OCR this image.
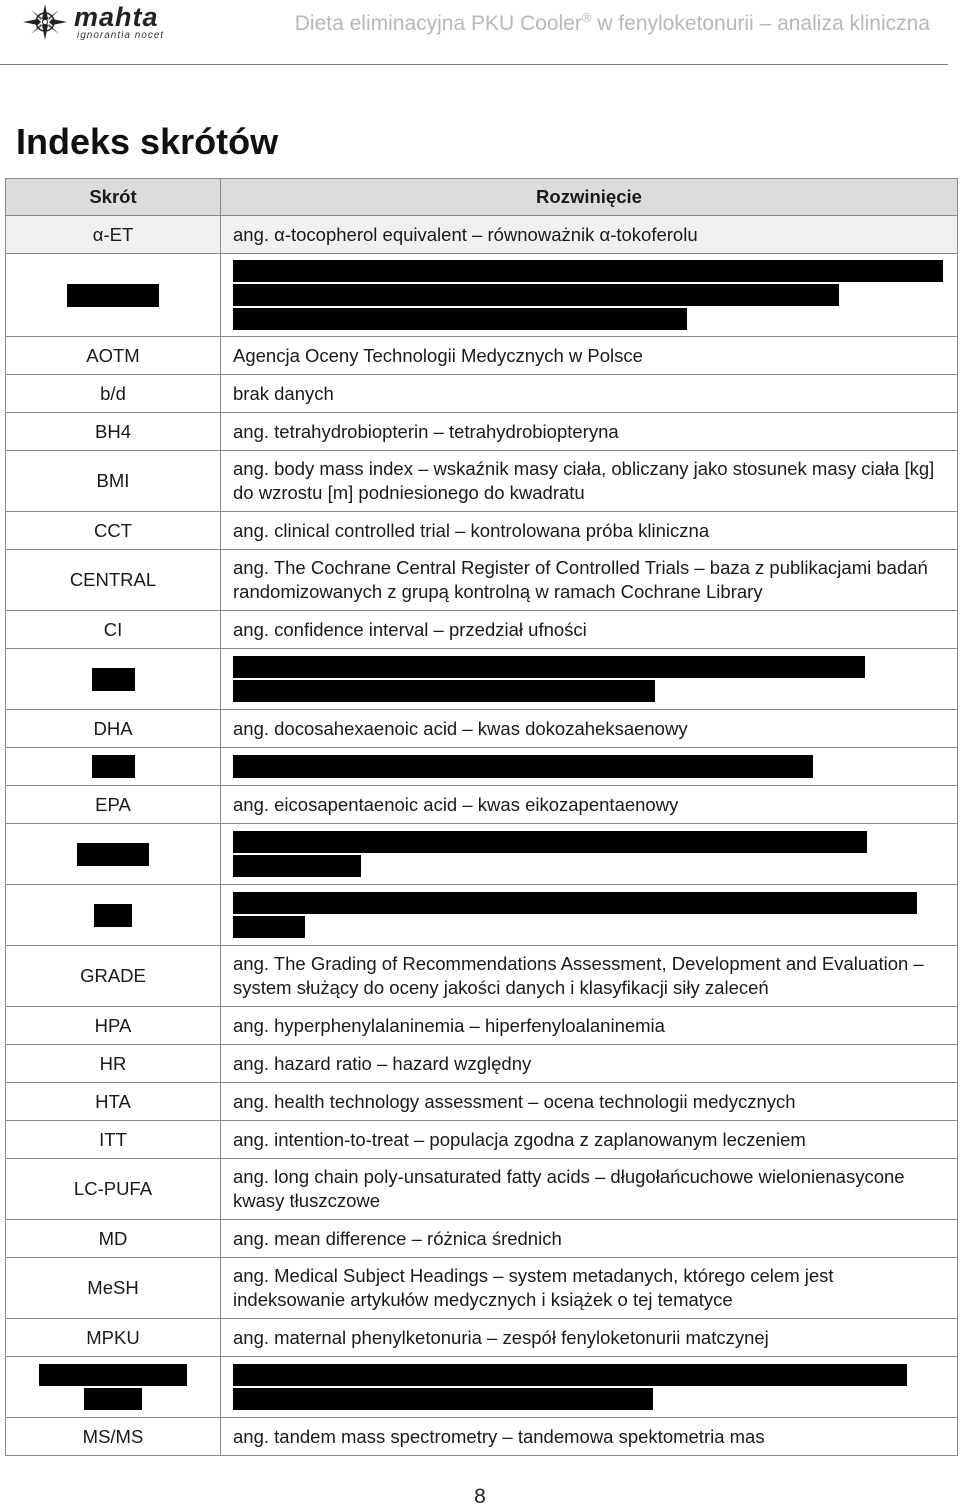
mahta
ignorantia nocet	Dieta eliminacyjna PKU Cooler® w fenyloketonurii – analiza kliniczna
Indeks skrótów
Skrót	Rozwinięcie
α-ET	ang. α-tocopherol equivalent – równoważnik α-tokoferolu

AOTM	Agencja Oceny Technologii Medycznych w Polsce
b/d	brak danych
BH4	ang. tetrahydrobiopterin – tetrahydrobiopteryna
BMI	ang. body mass index – wskaźnik masy ciała, obliczany jako stosunek masy ciała [kg] do wzrostu [m] podniesionego do kwadratu
CCT	ang. clinical controlled trial – kontrolowana próba kliniczna
CENTRAL	ang. The Cochrane Central Register of Controlled Trials – baza z publikacjami badań randomizowanych z grupą kontrolną w ramach Cochrane Library
CI	ang. confidence interval – przedział ufności

DHA	ang. docosahexaenoic acid – kwas dokozaheksaenowy

EPA	ang. eicosapentaenoic acid – kwas eikozapentaenowy

GRADE	ang. The Grading of Recommendations Assessment, Development and Evaluation – system służący do oceny jakości danych i klasyfikacji siły zaleceń
HPA	ang. hyperphenylalaninemia – hiperfenyloalaninemia
HR	ang. hazard ratio – hazard względny
HTA	ang. health technology assessment – ocena technologii medycznych
ITT	ang. intention-to-treat – populacja zgodna z zaplanowanym leczeniem
LC-PUFA	ang. long chain poly-unsaturated fatty acids – długołańcuchowe wielonienasycone kwasy tłuszczowe
MD	ang. mean difference – różnica średnich
MeSH	ang. Medical Subject Headings – system metadanych, którego celem jest indeksowanie artykułów medycznych i książek o tej tematyce
MPKU	ang. maternal phenylketonuria – zespół fenyloketonurii matczynej

MS/MS	ang. tandem mass spectrometry – tandemowa spektometria mas
8
